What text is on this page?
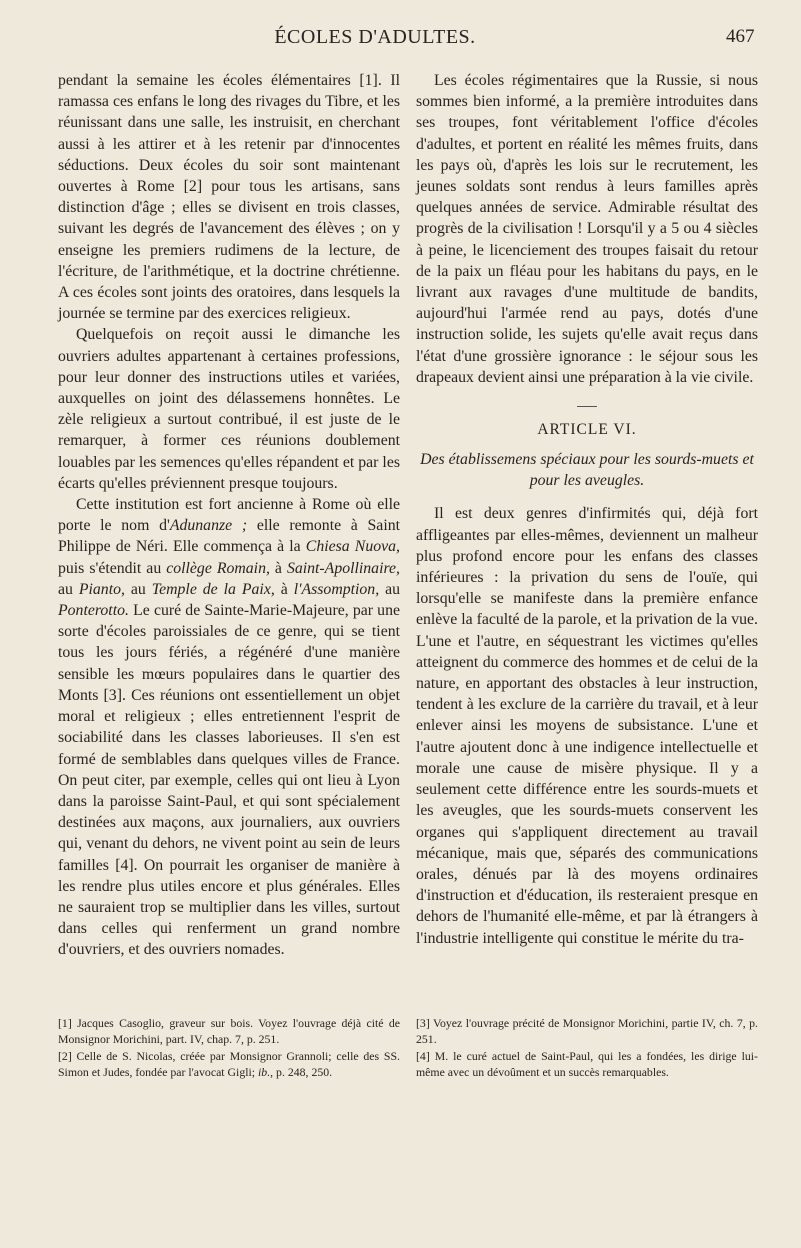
ÉCOLES D'ADULTES.	467

pendant la semaine les écoles élémentaires [1]. Il ramassa ces enfans le long des rivages du Tibre, et les réunissant dans une salle, les instruisit, en cherchant aussi à les attirer et à les retenir par d'innocentes séductions. Deux écoles du soir sont maintenant ouvertes à Rome [2] pour tous les artisans, sans distinction d'âge ; elles se divisent en trois classes, suivant les degrés de l'avancement des élèves ; on y enseigne les premiers rudimens de la lecture, de l'écriture, de l'arithmétique, et la doctrine chrétienne. A ces écoles sont joints des oratoires, dans lesquels la journée se termine par des exercices religieux.

Quelquefois on reçoit aussi le dimanche les ouvriers adultes appartenant à certaines professions, pour leur donner des instructions utiles et variées, auxquelles on joint des délassemens honnêtes. Le zèle religieux a surtout contribué, il est juste de le remarquer, à former ces réunions doublement louables par les semences qu'elles répandent et par les écarts qu'elles préviennent presque toujours.

Cette institution est fort ancienne à Rome où elle porte le nom d'Adunanze ; elle remonte à Saint Philippe de Néri. Elle commença à la Chiesa Nuova, puis s'étendit au collège Romain, à Saint-Apollinaire, au Pianto, au Temple de la Paix, à l'Assomption, au Ponterotto. Le curé de Sainte-Marie-Majeure, par une sorte d'écoles paroissiales de ce genre, qui se tient tous les jours fériés, a régénéré d'une manière sensible les mœurs populaires dans le quartier des Monts [3]. Ces réunions ont essentiellement un objet moral et religieux ; elles entretiennent l'esprit de sociabilité dans les classes laborieuses. Il s'en est formé de semblables dans quelques villes de France. On peut citer, par exemple, celles qui ont lieu à Lyon dans la paroisse Saint-Paul, et qui sont spécialement destinées aux maçons, aux journaliers, aux ouvriers qui, venant du dehors, ne vivent point au sein de leurs familles [4]. On pourrait les organiser de manière à les rendre plus utiles encore et plus générales. Elles ne sauraient trop se multiplier dans les villes, surtout dans celles qui renferment un grand nombre d'ouvriers, et des ouvriers nomades.

[1] Jacques Casoglio, graveur sur bois. Voyez l'ouvrage déjà cité de Monsignor Morichini, part. IV, chap. 7, p. 251.

[2] Celle de S. Nicolas, créée par Monsignor Grannoli; celle des SS. Simon et Judes, fondée par l'avocat Gigli; ib., p. 248, 250.

Les écoles régimentaires que la Russie, si nous sommes bien informé, a la première introduites dans ses troupes, font véritablement l'office d'écoles d'adultes, et portent en réalité les mêmes fruits, dans les pays où, d'après les lois sur le recrutement, les jeunes soldats sont rendus à leurs familles après quelques années de service. Admirable résultat des progrès de la civilisation ! Lorsqu'il y a 5 ou 4 siècles à peine, le licenciement des troupes faisait du retour de la paix un fléau pour les habitans du pays, en le livrant aux ravages d'une multitude de bandits, aujourd'hui l'armée rend au pays, dotés d'une instruction solide, les sujets qu'elle avait reçus dans l'état d'une grossière ignorance : le séjour sous les drapeaux devient ainsi une préparation à la vie civile.

ARTICLE VI.

Des établissemens spéciaux pour les sourds-muets et pour les aveugles.

Il est deux genres d'infirmités qui, déjà fort affligeantes par elles-mêmes, deviennent un malheur plus profond encore pour les enfans des classes inférieures : la privation du sens de l'ouïe, qui lorsqu'elle se manifeste dans la première enfance enlève la faculté de la parole, et la privation de la vue. L'une et l'autre, en séquestrant les victimes qu'elles atteignent du commerce des hommes et de celui de la nature, en apportant des obstacles à leur instruction, tendent à les exclure de la carrière du travail, et à leur enlever ainsi les moyens de subsistance. L'une et l'autre ajoutent donc à une indigence intellectuelle et morale une cause de misère physique. Il y a seulement cette différence entre les sourds-muets et les aveugles, que les sourds-muets conservent les organes qui s'appliquent directement au travail mécanique, mais que, séparés des communications orales, dénués par là des moyens ordinaires d'instruction et d'éducation, ils resteraient presque en dehors de l'humanité elle-même, et par là étrangers à l'industrie intelligente qui constitue le mérite du tra-

[3] Voyez l'ouvrage précité de Monsignor Morichini, partie IV, ch. 7, p. 251.

[4] M. le curé actuel de Saint-Paul, qui les a fondées, les dirige lui-même avec un dévoûment et un succès remarquables.
